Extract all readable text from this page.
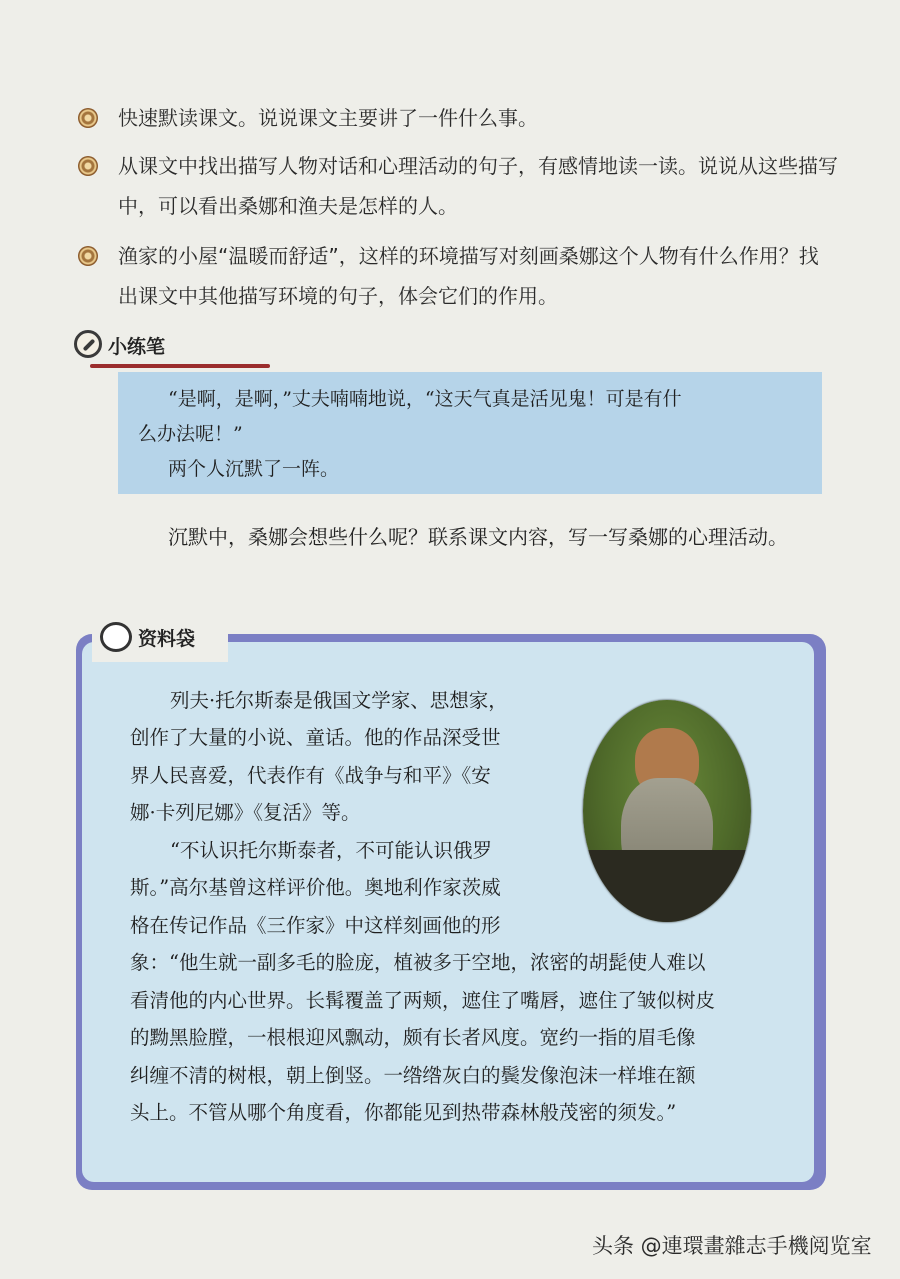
快速默读课文。说说课文主要讲了一件什么事。
从课文中找出描写人物对话和心理活动的句子，有感情地读一读。说说从这些描写中，可以看出桑娜和渔夫是怎样的人。
渔家的小屋“温暖而舒适”，这样的环境描写对刻画桑娜这个人物有什么作用？找出课文中其他描写环境的句子，体会它们的作用。
小练笔

“是啊，是啊，”丈夫喃喃地说，“这天气真是活见鬼！可是有什

么办法呢！”

两个人沉默了一阵。

沉默中，桑娜会想些什么呢？联系课文内容，写一写桑娜的心理活动。
资料袋

列夫·托尔斯泰是俄国文学家、思想家，

创作了大量的小说、童话。他的作品深受世

界人民喜爱，代表作有《战争与和平》《安

娜·卡列尼娜》《复活》等。

“不认识托尔斯泰者，不可能认识俄罗

斯。”高尔基曾这样评价他。奥地利作家茨威

格在传记作品《三作家》中这样刻画他的形

象：“他生就一副多毛的脸庞，植被多于空地，浓密的胡髭使人难以

看清他的内心世界。长髯覆盖了两颊，遮住了嘴唇，遮住了皱似树皮

的黝黑脸膛，一根根迎风飘动，颇有长者风度。宽约一指的眉毛像

纠缠不清的树根，朝上倒竖。一绺绺灰白的鬓发像泡沫一样堆在额

头上。不管从哪个角度看，你都能见到热带森林般茂密的须发。”

头条 @連環畫雜志手機阅览室
